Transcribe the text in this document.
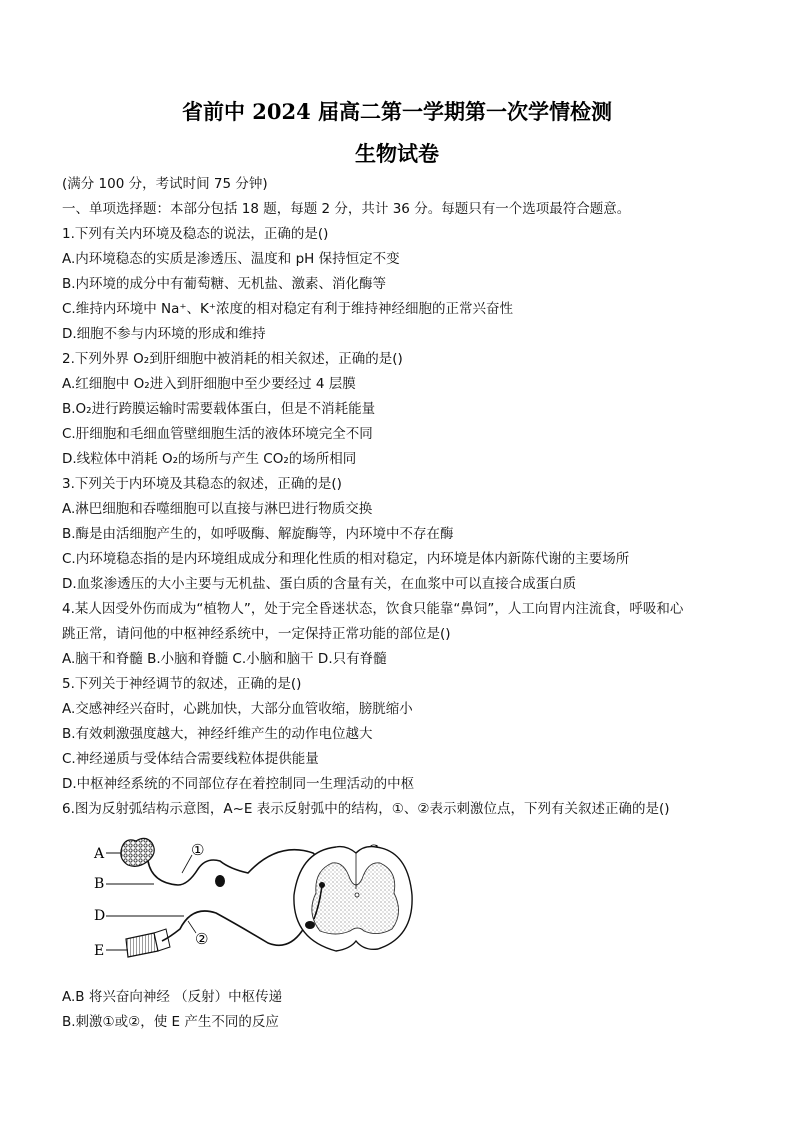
省前中 2024 届高二第一学期第一次学情检测
生物试卷
(满分 100 分，考试时间 75 分钟)
一、单项选择题：本部分包括 18 题，每题 2 分，共计 36 分。每题只有一个选项最符合题意。
1.下列有关内环境及稳态的说法，正确的是()
A.内环境稳态的实质是渗透压、温度和 pH 保持恒定不变
B.内环境的成分中有葡萄糖、无机盐、激素、消化酶等
C.维持内环境中 Na⁺、K⁺浓度的相对稳定有利于维持神经细胞的正常兴奋性
D.细胞不参与内环境的形成和维持
2.下列外界 O₂到肝细胞中被消耗的相关叙述，正确的是()
A.红细胞中 O₂进入到肝细胞中至少要经过 4 层膜
B.O₂进行跨膜运输时需要载体蛋白，但是不消耗能量
C.肝细胞和毛细血管壁细胞生活的液体环境完全不同
D.线粒体中消耗 O₂的场所与产生 CO₂的场所相同
3.下列关于内环境及其稳态的叙述，正确的是()
A.淋巴细胞和吞噬细胞可以直接与淋巴进行物质交换
B.酶是由活细胞产生的，如呼吸酶、解旋酶等，内环境中不存在酶
C.内环境稳态指的是内环境组成成分和理化性质的相对稳定，内环境是体内新陈代谢的主要场所
D.血浆渗透压的大小主要与无机盐、蛋白质的含量有关，在血浆中可以直接合成蛋白质
4.某人因受外伤而成为“植物人”，处于完全昏迷状态，饮食只能靠“鼻饲”，人工向胃内注流食，呼吸和心
跳正常，请问他的中枢神经系统中，一定保持正常功能的部位是()
A.脑干和脊髓 B.小脑和脊髓 C.小脑和脑干 D.只有脊髓
5.下列关于神经调节的叙述，正确的是()
A.交感神经兴奋时，心跳加快，大部分血管收缩，膀胱缩小
B.有效刺激强度越大，神经纤维产生的动作电位越大
C.神经递质与受体结合需要线粒体提供能量
D.中枢神经系统的不同部位存在着控制同一生理活动的中枢
6.图为反射弧结构示意图，A~E 表示反射弧中的结构，①、②表示刺激位点，下列有关叙述正确的是()
A
B
D
E
①
②
A.B 将兴奋向神经 （反射）中枢传递
B.刺激①或②，使 E 产生不同的反应
